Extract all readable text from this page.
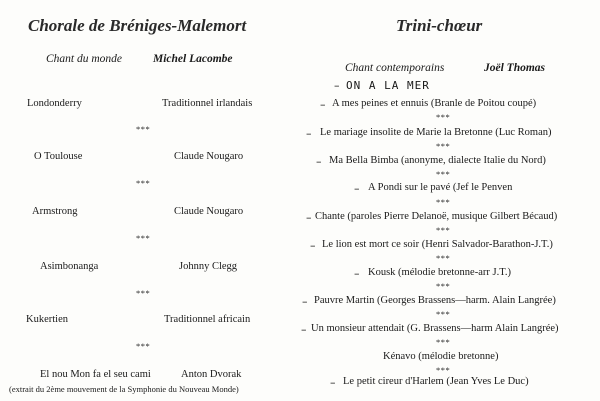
Chorale de Bréniges-Malemort
Chant du monde	Michel Lacombe
Londonderry	Traditionnel irlandais
***
O Toulouse	Claude Nougaro
***
Armstrong	Claude Nougaro
***
Asimbonanga	Johnny Clegg
***
Kukertien	Traditionnel africain
***
El nou Mon fa el seu cami	Anton Dvorak
(extrait du 2ème mouvement de la Symphonie du Nouveau Monde)
Trini-chœur
Chant contemporains	Joël Thomas
– ON A LA MER
– A mes peines et ennuis (Branle de Poitou coupé)
***
– Le mariage insolite de Marie la Bretonne (Luc Roman)
***
– Ma Bella Bimba (anonyme, dialecte Italie du Nord)
***
– A Pondi sur le pavé (Jef le Penven
***
– Chante (paroles Pierre Delanoë, musique Gilbert Bécaud)
***
– Le lion est mort ce soir (Henri Salvador-Barathon-J.T.)
***
– Kousk (mélodie bretonne-arr J.T.)
***
– Pauvre Martin (Georges Brassens—harm. Alain Langrée)
***
– Un monsieur attendait (G. Brassens—harm Alain Langrée)
***
Kénavo (mélodie bretonne)
***
– Le petit cireur d'Harlem (Jean Yves Le Duc)
